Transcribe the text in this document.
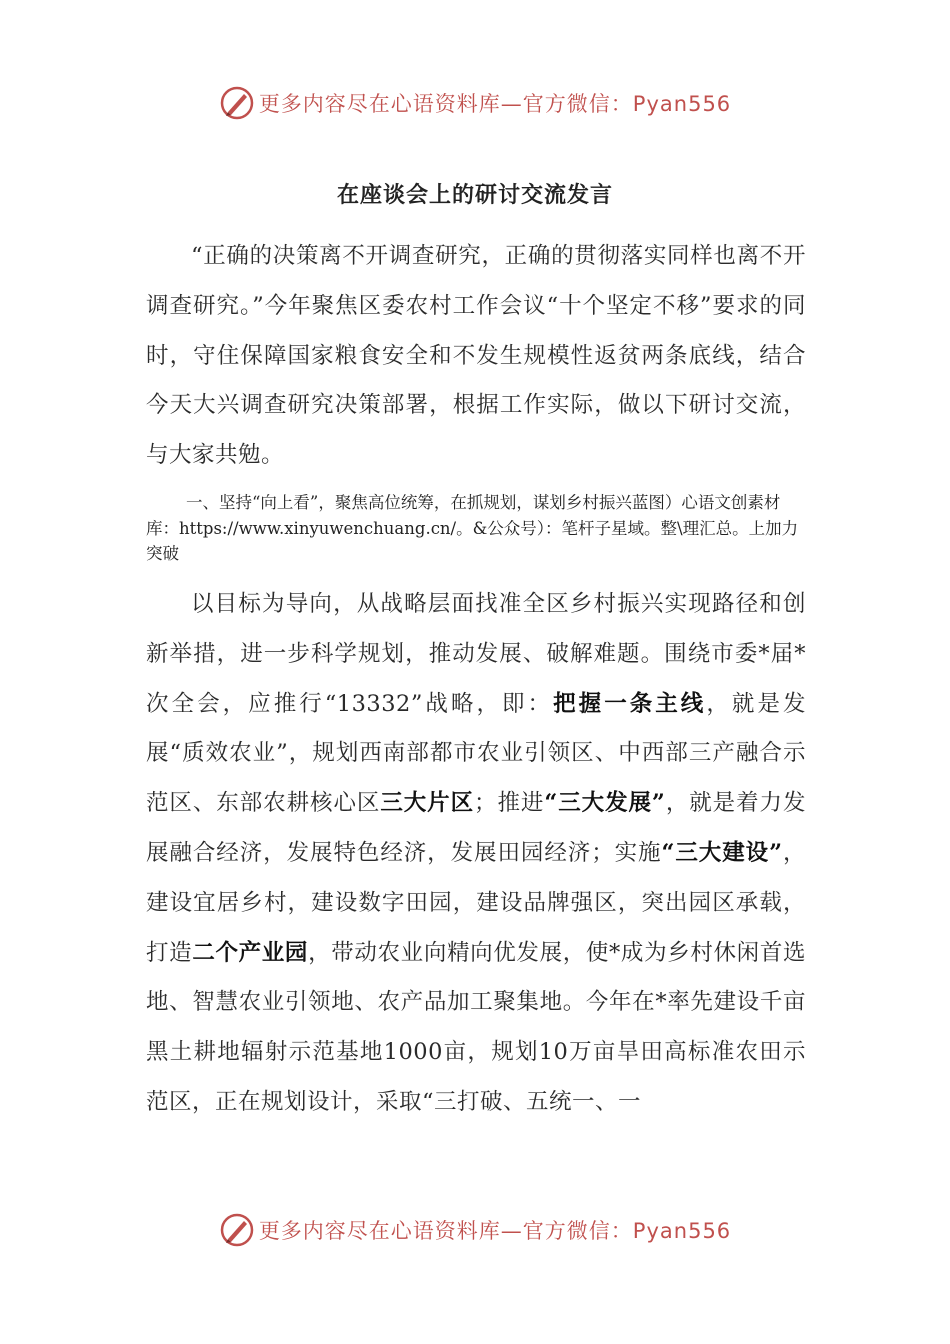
更多内容尽在心语资料库—官方微信：Pyan556
在座谈会上的研讨交流发言
“正确的决策离不开调查研究，正确的贯彻落实同样也离不开调查研究。”今年聚焦区委农村工作会议“十个坚定不移”要求的同时，守住保障国家粮食安全和不发生规模性返贫两条底线，结合今天大兴调查研究决策部署，根据工作实际，做以下研讨交流，与大家共勉。
一、坚持“向上看”，聚焦高位统筹，在抓规划，谋划乡村振兴蓝图）心语文创素材库：https://www.xinyuwenchuang.cn/。&公众号）：笔杆子星域。整\理汇总。上加力突破
以目标为导向，从战略层面找准全区乡村振兴实现路径和创新举措，进一步科学规划，推动发展、破解难题。围绕市委*届*次全会，应推行“13332”战略，即：把握一条主线，就是发展“质效农业”，规划西南部都市农业引领区、中西部三产融合示范区、东部农耕核心区三大片区；推进“三大发展”，就是着力发展融合经济，发展特色经济，发展田园经济；实施“三大建设”，建设宜居乡村，建设数字田园，建设品牌强区，突出园区承载，打造二个产业园，带动农业向精向优发展，使*成为乡村休闲首选地、智慧农业引领地、农产品加工聚集地。今年在*率先建设千亩黑土耕地辐射示范基地1000亩，规划10万亩旱田高标准农田示范区，正在规划设计，采取“三打破、五统一、一
更多内容尽在心语资料库—官方微信：Pyan556
